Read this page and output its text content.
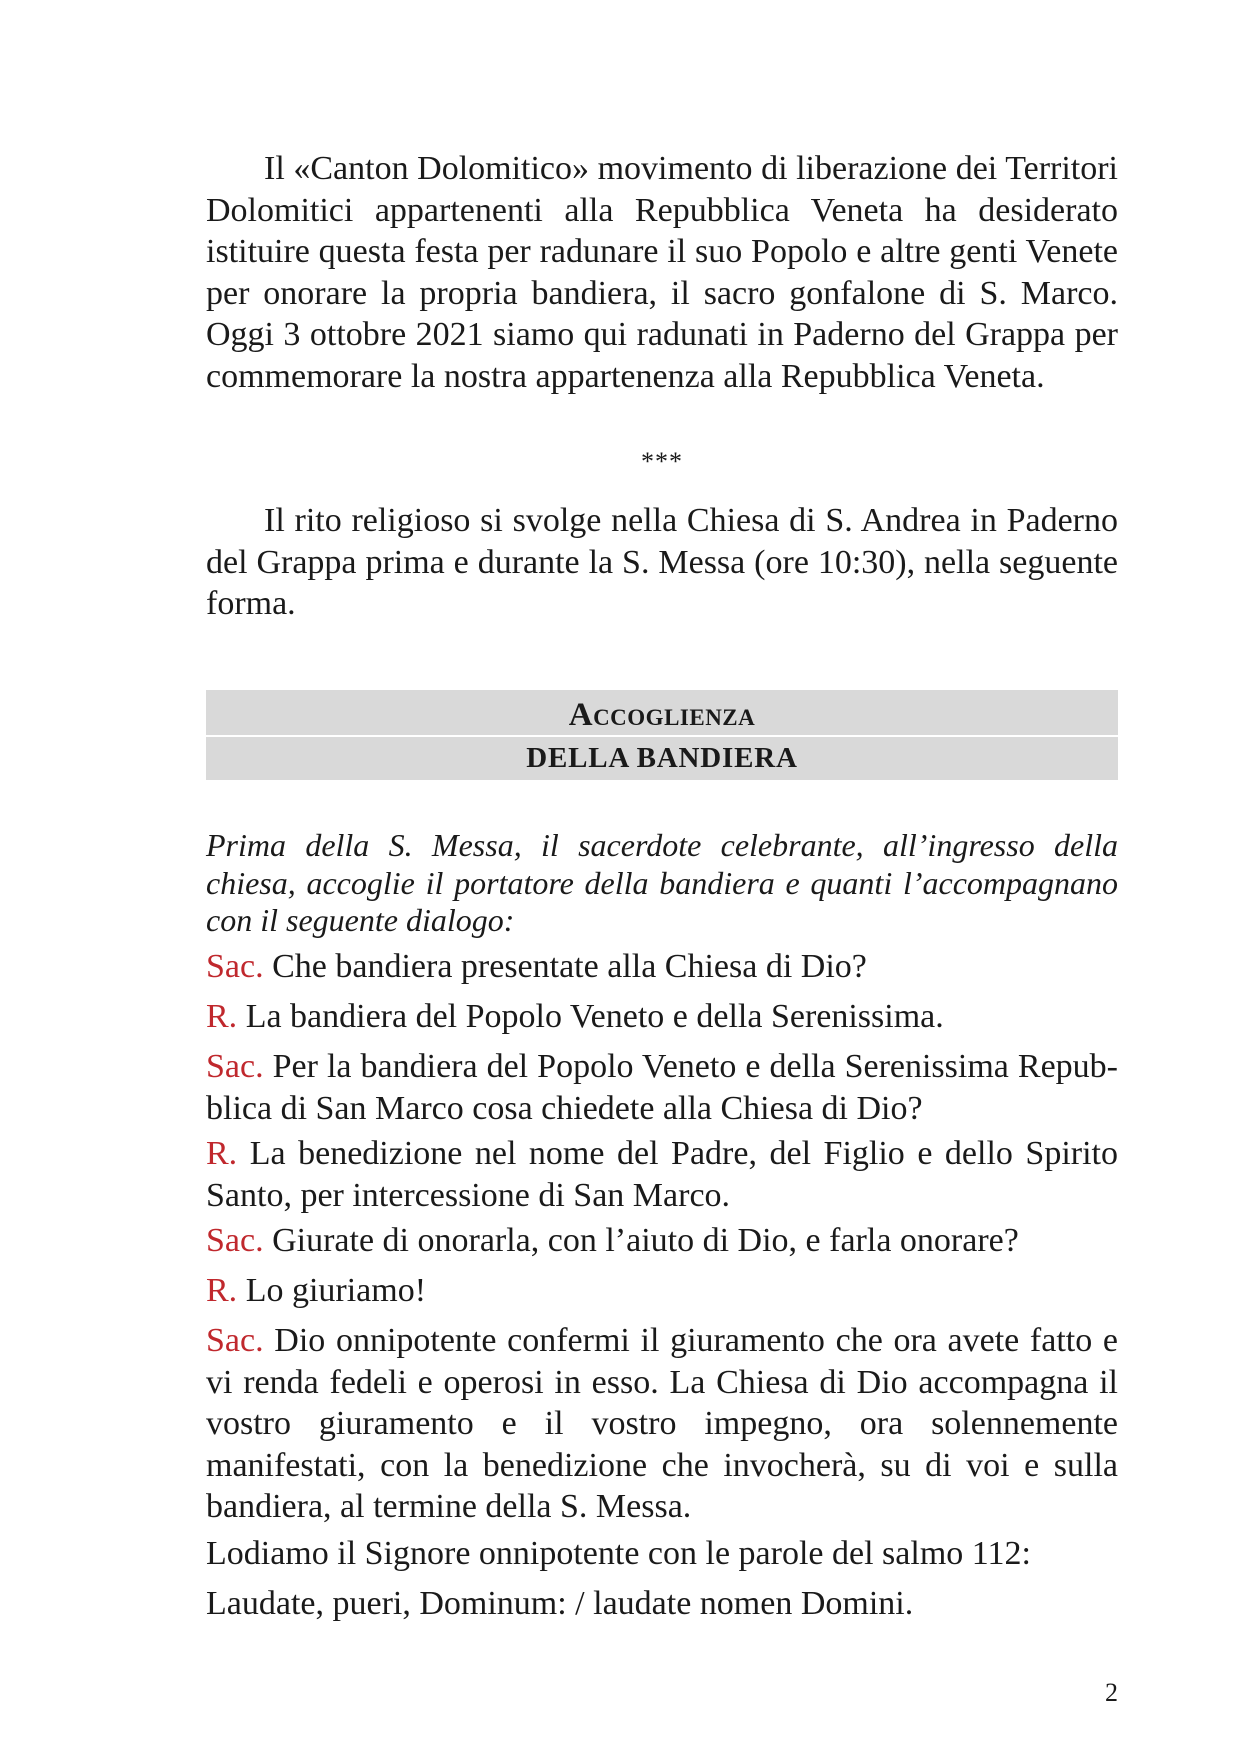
Il «Canton Dolomitico» movimento di liberazione dei Territori Dolomitici appartenenti alla Repubblica Veneta ha desiderato istituire questa festa per radunare il suo Popolo e altre genti Venete per onorare la propria bandiera, il sacro gonfalone di S. Marco. Oggi 3 ottobre 2021 siamo qui radunati in Paderno del Grappa per commemorare la nostra appartenenza alla Repubblica Veneta.

***

Il rito religioso si svolge nella Chiesa di S. Andrea in Paderno del Grappa prima e durante la S. Messa (ore 10:30), nella seguente forma.

Accoglienza
DELLA BANDIERA

Prima della S. Messa, il sacerdote celebrante, all’ingresso della chiesa, accoglie il portatore della bandiera e quanti l’accompagnano con il seguente dialogo:

Sac. Che bandiera presentate alla Chiesa di Dio?

R. La bandiera del Popolo Veneto e della Serenissima.

Sac. Per la bandiera del Popolo Veneto e della Serenissima Repubblica di San Marco cosa chiedete alla Chiesa di Dio?

R. La benedizione nel nome del Padre, del Figlio e dello Spirito Santo, per intercessione di San Marco.

Sac. Giurate di onorarla, con l’aiuto di Dio, e farla onorare?

R. Lo giuriamo!

Sac. Dio onnipotente confermi il giuramento che ora avete fatto e vi renda fedeli e operosi in esso. La Chiesa di Dio accompagna il vostro giuramento e il vostro impegno, ora solennemente manifestati, con la benedizione che invocherà, su di voi e sulla bandiera, al termine della S. Messa.

Lodiamo il Signore onnipotente con le parole del salmo 112:

Laudate, pueri, Dominum: / laudate nomen Domini.

2
